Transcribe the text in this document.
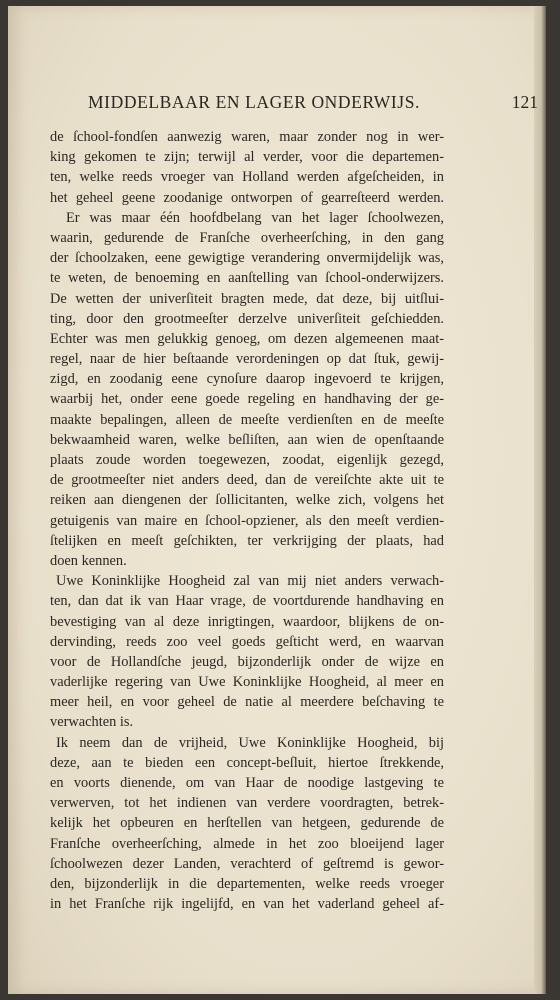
MIDDELBAAR EN LAGER ONDERWIJS.	121
de ſchool-fondſen aanwezig waren, maar zonder nog in wer-
king gekomen te zijn; terwijl al verder, voor die departemen-
ten, welke reeds vroeger van Holland werden afgeſcheiden, in
het geheel geene zoodanige ontworpen of gearreſteerd werden.
Er was maar één hoofdbelang van het lager ſchoolwezen,
waarin, gedurende de Franſche overheerſching, in den gang
der ſchoolzaken, eene gewigtige verandering onvermijdelijk was,
te weten, de benoeming en aanſtelling van ſchool-onderwijzers.
De wetten der univerſiteit bragten mede, dat deze, bij uitſlui-
ting, door den grootmeeſter derzelve univerſiteit geſchiedden.
Echter was men gelukkig genoeg, om dezen algemeenen maat-
regel, naar de hier beſtaande verordeningen op dat ſtuk, gewij-
zigd, en zoodanig eene cynoſure daarop ingevoerd te krijgen,
waarbij het, onder eene goede regeling en handhaving der ge-
maakte bepalingen, alleen de meeſte verdienſten en de meeſte
bekwaamheid waren, welke beſliſten, aan wien de openſtaande
plaats zoude worden toegewezen, zoodat, eigenlijk gezegd,
de grootmeeſter niet anders deed, dan de vereiſchte akte uit te
reiken aan diengenen der ſollicitanten, welke zich, volgens het
getuigenis van maire en ſchool-opziener, als den meeſt verdien-
ſtelijken en meeſt geſchikten, ter verkrijging der plaats, had
doen kennen.
Uwe Koninklijke Hoogheid zal van mij niet anders verwach-
ten, dan dat ik van Haar vrage, de voortdurende handhaving en
bevestiging van al deze inrigtingen, waardoor, blijkens de on-
dervinding, reeds zoo veel goeds geſticht werd, en waarvan
voor de Hollandſche jeugd, bijzonderlijk onder de wijze en
vaderlijke regering van Uwe Koninklijke Hoogheid, al meer en
meer heil, en voor geheel de natie al meerdere beſchaving te
verwachten is.
Ik neem dan de vrijheid, Uwe Koninklijke Hoogheid, bij
deze, aan te bieden een concept-beſluit, hiertoe ſtrekkende,
en voorts dienende, om van Haar de noodige lastgeving te
verwerven, tot het indienen van verdere voordragten, betrek-
kelijk het opbeuren en herſtellen van hetgeen, gedurende de
Franſche overheerſching, almede in het zoo bloeijend lager
ſchoolwezen dezer Landen, verachterd of geſtremd is gewor-
den, bijzonderlijk in die departementen, welke reeds vroeger
in het Franſche rijk ingelijfd, en van het vaderland geheel af-
